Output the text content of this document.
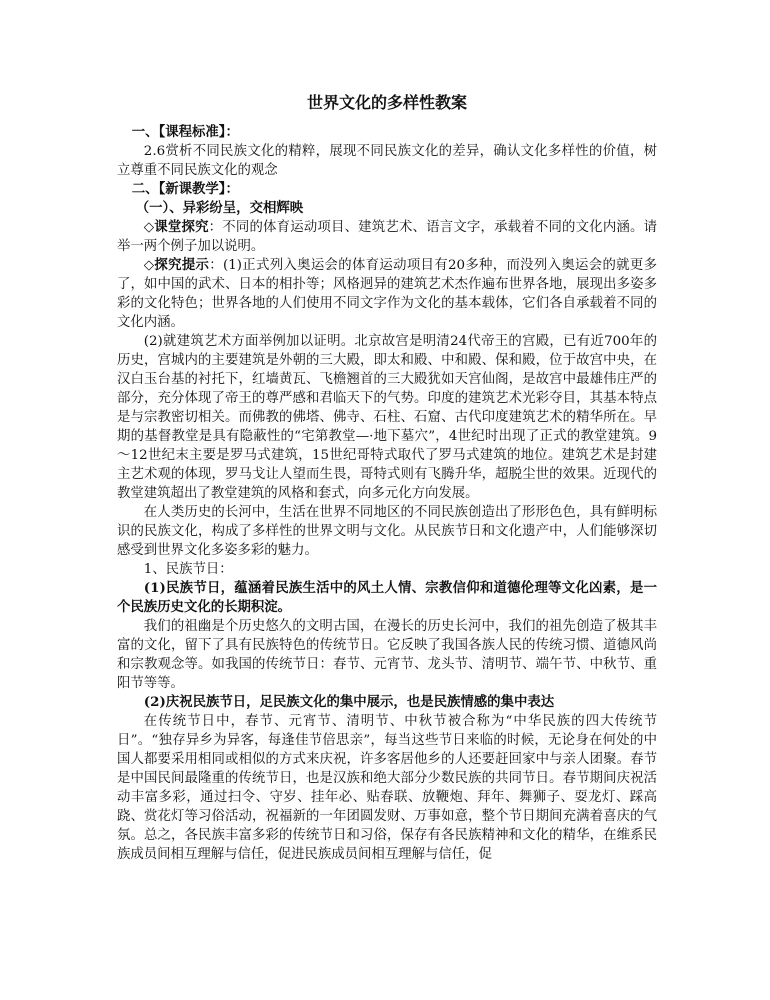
世界文化的多样性教案

一、【课程标准】：

2.6赏析不同民族文化的精粹，展现不同民族文化的差异，确认文化多样性的价值，树立尊重不同民族文化的观念

二、【新课教学】：

（一）、异彩纷呈，交相辉映

◇课堂探究：不同的体育运动项目、建筑艺术、语言文字，承载着不同的文化内涵。请举一两个例子加以说明。

◇探究提示：(1)正式列入奥运会的体育运动项目有20多种，而没列入奥运会的就更多了，如中国的武术、日本的相扑等；风格迥异的建筑艺术杰作遍布世界各地，展现出多姿多彩的文化特色；世界各地的人们使用不同文字作为文化的基本载体，它们各自承载着不同的文化内涵。

(2)就建筑艺术方面举例加以证明。北京故宫是明清24代帝王的宫殿，已有近700年的历史，宫城内的主要建筑是外朝的三大殿，即太和殿、中和殿、保和殿，位于故宫中央，在汉白玉台基的衬托下，红墙黄瓦、飞檐翘首的三大殿犹如天宫仙阁，是故宫中最雄伟庄严的部分，充分体现了帝王的尊严感和君临天下的气势。印度的建筑艺术光彩夺目，其基本特点是与宗教密切相关。而佛教的佛塔、佛寺、石柱、石窟、古代印度建筑艺术的精华所在。早期的基督教堂是具有隐蔽性的“宅第教堂—·地下墓穴”，4世纪时出现了正式的教堂建筑。9～12世纪末主要是罗马式建筑，15世纪哥特式取代了罗马式建筑的地位。建筑艺术是封建主艺术观的体现，罗马戈让人望而生畏，哥特式则有飞腾升华，超脱尘世的效果。近现代的教堂建筑超出了教堂建筑的风格和套式，向多元化方向发展。

在人类历史的长河中，生活在世界不同地区的不同民族创造出了形形色色，具有鲜明标识的民族文化，构成了多样性的世界文明与文化。从民族节日和文化遗产中，人们能够深切感受到世界文化多姿多彩的魅力。

1、民族节日：

(1)民族节日，蕴涵着民族生活中的风土人情、宗教信仰和道德伦理等文化凶素，是一个民族历史文化的长期积淀。

我们的祖幽是个历史悠久的文明古国，在漫长的历史长河中，我们的祖先创造了极其丰富的文化，留下了具有民族特色的传统节日。它反映了我国各族人民的传统习惯、道德风尚和宗教观念等。如我国的传统节日：春节、元宵节、龙头节、清明节、端午节、中秋节、重阳节等等。

(2)庆祝民族节日，足民族文化的集中展示，也是民族情感的集中表达

在传统节日中，春节、元宵节、清明节、中秋节被合称为“中华民族的四大传统节日”。“独存异乡为异客，每逢佳节倍思亲”，每当这些节日来临的时候，无论身在何处的中国人都要采用相同或相似的方式来庆祝，许多客居他乡的人还要赶回家中与亲人团聚。春节是中国民间最隆重的传统节日，也是汉族和绝大部分少数民族的共同节日。春节期间庆祝活动丰富多彩，通过扫令、守岁、挂年必、贴春联、放鞭炮、拜年、舞狮子、耍龙灯、踩高跷、赏花灯等习俗活动，祝福新的一年团圆发财、万事如意，整个节日期间充满着喜庆的气氛。总之，各民族丰富多彩的传统节日和习俗，保存有各民族精神和文化的精华，在维系民族成员间相互理解与信任，促进民族成员间相互理解与信任，促
